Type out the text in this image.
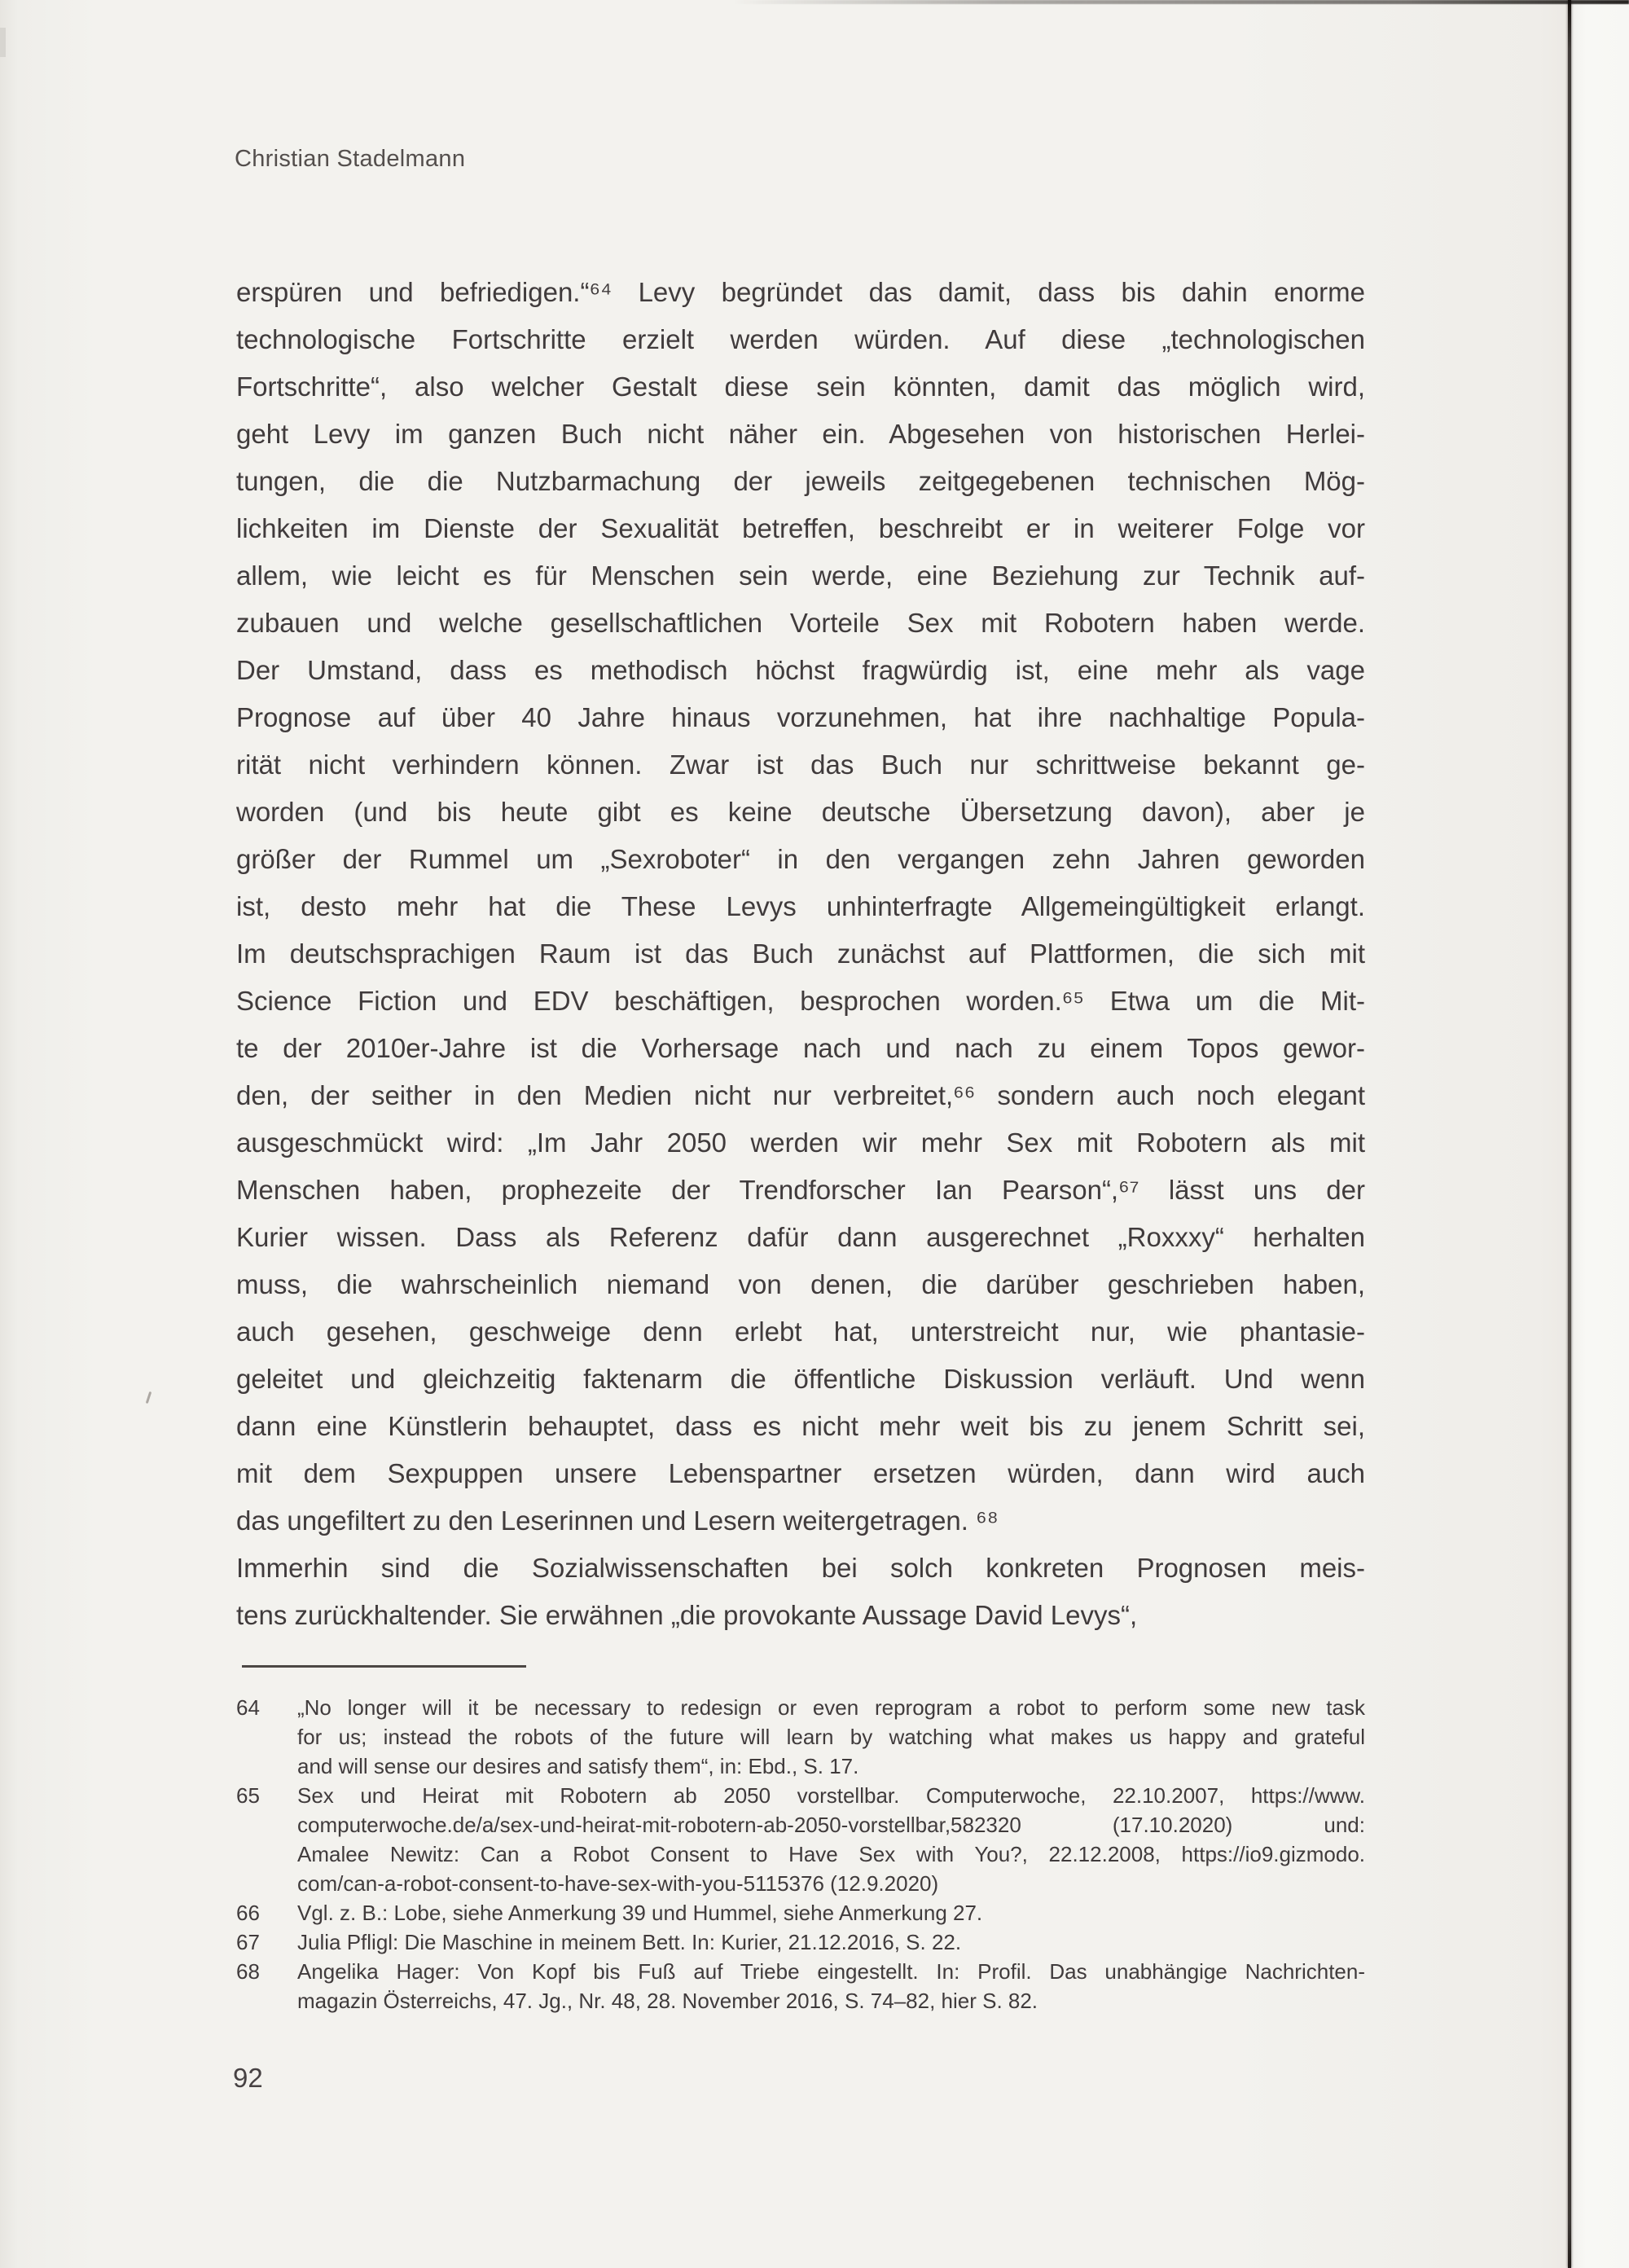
Christian Stadelmann
erspüren und befriedigen.“⁶⁴ Levy begründet das damit, dass bis dahin enorme
technologische Fortschritte erzielt werden würden. Auf diese „technologischen
Fortschritte“, also welcher Gestalt diese sein könnten, damit das möglich wird,
geht Levy im ganzen Buch nicht näher ein. Abgesehen von historischen Herlei-
tungen, die die Nutzbarmachung der jeweils zeitgegebenen technischen Mög-
lichkeiten im Dienste der Sexualität betreffen, beschreibt er in weiterer Folge vor
allem, wie leicht es für Menschen sein werde, eine Beziehung zur Technik auf-
zubauen und welche gesellschaftlichen Vorteile Sex mit Robotern haben werde.
Der Umstand, dass es methodisch höchst fragwürdig ist, eine mehr als vage
Prognose auf über 40 Jahre hinaus vorzunehmen, hat ihre nachhaltige Popula-
rität nicht verhindern können. Zwar ist das Buch nur schrittweise bekannt ge-
worden (und bis heute gibt es keine deutsche Übersetzung davon), aber je
größer der Rummel um „Sexroboter“ in den vergangen zehn Jahren geworden
ist, desto mehr hat die These Levys unhinterfragte Allgemeingültigkeit erlangt.
Im deutschsprachigen Raum ist das Buch zunächst auf Plattformen, die sich mit
Science Fiction und EDV beschäftigen, besprochen worden.⁶⁵ Etwa um die Mit-
te der 2010er-Jahre ist die Vorhersage nach und nach zu einem Topos gewor-
den, der seither in den Medien nicht nur verbreitet,⁶⁶ sondern auch noch elegant
ausgeschmückt wird: „Im Jahr 2050 werden wir mehr Sex mit Robotern als mit
Menschen haben, prophezeite der Trendforscher Ian Pearson“,⁶⁷ lässt uns der
Kurier wissen. Dass als Referenz dafür dann ausgerechnet „Roxxxy“ herhalten
muss, die wahrscheinlich niemand von denen, die darüber geschrieben haben,
auch gesehen, geschweige denn erlebt hat, unterstreicht nur, wie phantasie-
geleitet und gleichzeitig faktenarm die öffentliche Diskussion verläuft. Und wenn
dann eine Künstlerin behauptet, dass es nicht mehr weit bis zu jenem Schritt sei,
mit dem Sexpuppen unsere Lebenspartner ersetzen würden, dann wird auch
das ungefiltert zu den Leserinnen und Lesern weitergetragen. ⁶⁸
Immerhin sind die Sozialwissenschaften bei solch konkreten Prognosen meis-
tens zurückhaltender. Sie erwähnen „die provokante Aussage David Levys“,
64 „No longer will it be necessary to redesign or even reprogram a robot to perform some new task
for us; instead the robots of the future will learn by watching what makes us happy and grateful
and will sense our desires and satisfy them“, in: Ebd., S. 17.
65 Sex und Heirat mit Robotern ab 2050 vorstellbar. Computerwoche, 22.10.2007, https://www.
computerwoche.de/a/sex-und-heirat-mit-robotern-ab-2050-vorstellbar,582320 (17.10.2020) und:
Amalee Newitz: Can a Robot Consent to Have Sex with You?, 22.12.2008, https://io9.gizmodo.
com/can-a-robot-consent-to-have-sex-with-you-5115376 (12.9.2020)
66 Vgl. z. B.: Lobe, siehe Anmerkung 39 und Hummel, siehe Anmerkung 27.
67 Julia Pfligl: Die Maschine in meinem Bett. In: Kurier, 21.12.2016, S. 22.
68 Angelika Hager: Von Kopf bis Fuß auf Triebe eingestellt. In: Profil. Das unabhängige Nachrichten-
magazin Österreichs, 47. Jg., Nr. 48, 28. November 2016, S. 74–82, hier S. 82.
92
